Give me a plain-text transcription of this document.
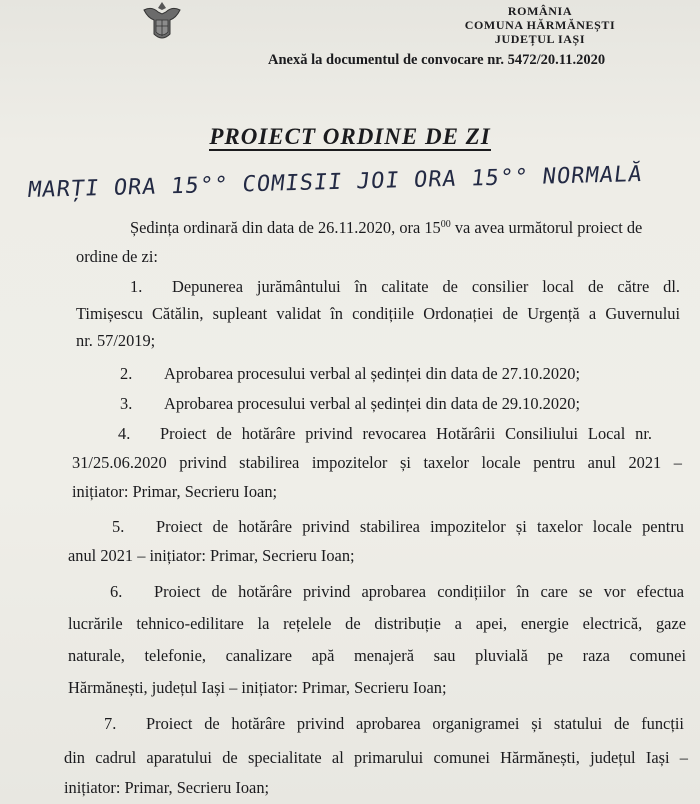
ROMÂNIA
COMUNA HĂRMĂNEȘTI
JUDEȚUL IAȘI
Anexă la documentul de convocare nr. 5472/20.11.2020
PROIECT ORDINE DE ZI
MARȚI ORA 15°° COMISII JOI ORA 15°° NORMALĂ
Ședința ordinară din data de 26.11.2020, ora $15^{00}$ va avea următorul proiect de
ordine de zi:
1. Depunerea jurământului în calitate de consilier local de către dl.
Timișescu Cătălin, supleant validat în condițiile Ordonației de Urgență a Guvernului
nr. 57/2019;
2. Aprobarea procesului verbal al ședinței din data de 27.10.2020;
3. Aprobarea procesului verbal al ședinței din data de 29.10.2020;
4. Proiect de hotărâre privind revocarea Hotărârii Consiliului Local nr.
31/25.06.2020 privind stabilirea impozitelor și taxelor locale pentru anul 2021 –
inițiator: Primar, Secrieru Ioan;
5. Proiect de hotărâre privind stabilirea impozitelor și taxelor locale pentru
anul 2021 – inițiator: Primar, Secrieru Ioan;
6. Proiect de hotărâre privind aprobarea condițiilor în care se vor efectua
lucrările tehnico-edilitare la rețelele de distribuție a apei, energie electrică, gaze
naturale, telefonie, canalizare apă menajeră sau pluvială pe raza comunei
Hărmănești, județul Iași – inițiator: Primar, Secrieru Ioan;
7. Proiect de hotărâre privind aprobarea organigramei și statului de funcții
din cadrul aparatului de specialitate al primarului comunei Hărmănești, județul Iași –
inițiator: Primar, Secrieru Ioan;
